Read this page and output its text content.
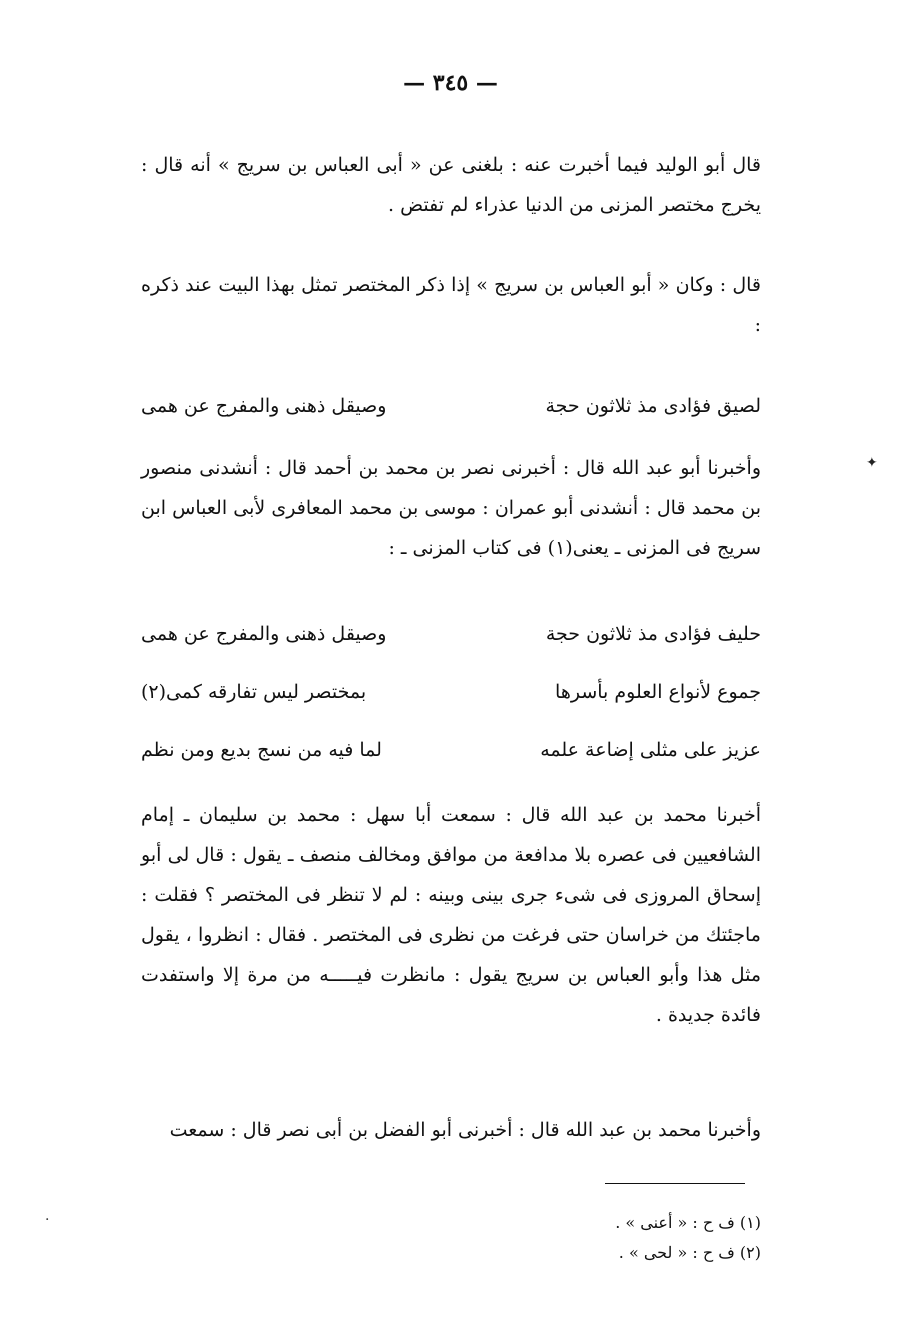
— ٣٤٥ —

قال أبو الوليد فيما أخبرت عنه : بلغنى عن « أبى العباس بن سريج » أنه قال : يخرج مختصر المزنى من الدنيا عذراء لم تفتض .

قال : وكان « أبو العباس بن سريج » إذا ذكر المختصر تمثل بهذا البيت عند ذكره :

لصيق فؤادى مذ ثلاثون حجة
وصيقل ذهنى والمفرج عن همى

وأخبرنا أبو عبد الله قال : أخبرنى نصر بن محمد بن أحمد قال : أنشدنى منصور بن محمد قال : أنشدنى أبو عمران : موسى بن محمد المعافرى لأبى العباس ابن سريج فى المزنى ـ يعنى(١) فى كتاب المزنى ـ :

حليف فؤادى مذ ثلاثون حجة
وصيقل ذهنى والمفرج عن همى
جموع لأنواع العلوم بأسرها
بمختصر ليس تفارقه كمى(٢)
عزيز على مثلى إضاعة علمه
لما فيه من نسج بديع ومن نظم

أخبرنا محمد بن عبد الله قال : سمعت أبا سهل : محمد بن سليمان ـ إمام الشافعيين فى عصره بلا مدافعة من موافق ومخالف منصف ـ يقول : قال لى أبو إسحاق المروزى فى شىء جرى بينى وبينه : لم لا تنظر فى المختصر ؟ فقلت : ماجئتك من خراسان حتى فرغت من نظرى فى المختصر . فقال : انظروا ، يقول مثل هذا وأبو العباس بن سريج يقول : مانظرت فيـــــه من مرة إلا واستفدت فائدة جديدة .

وأخبرنا محمد بن عبد الله قال : أخبرنى أبو الفضل بن أبى نصر قال : سمعت

(١) ف ح : « أعنى » .
(٢) ف ح : « لحى » .
✦
·
